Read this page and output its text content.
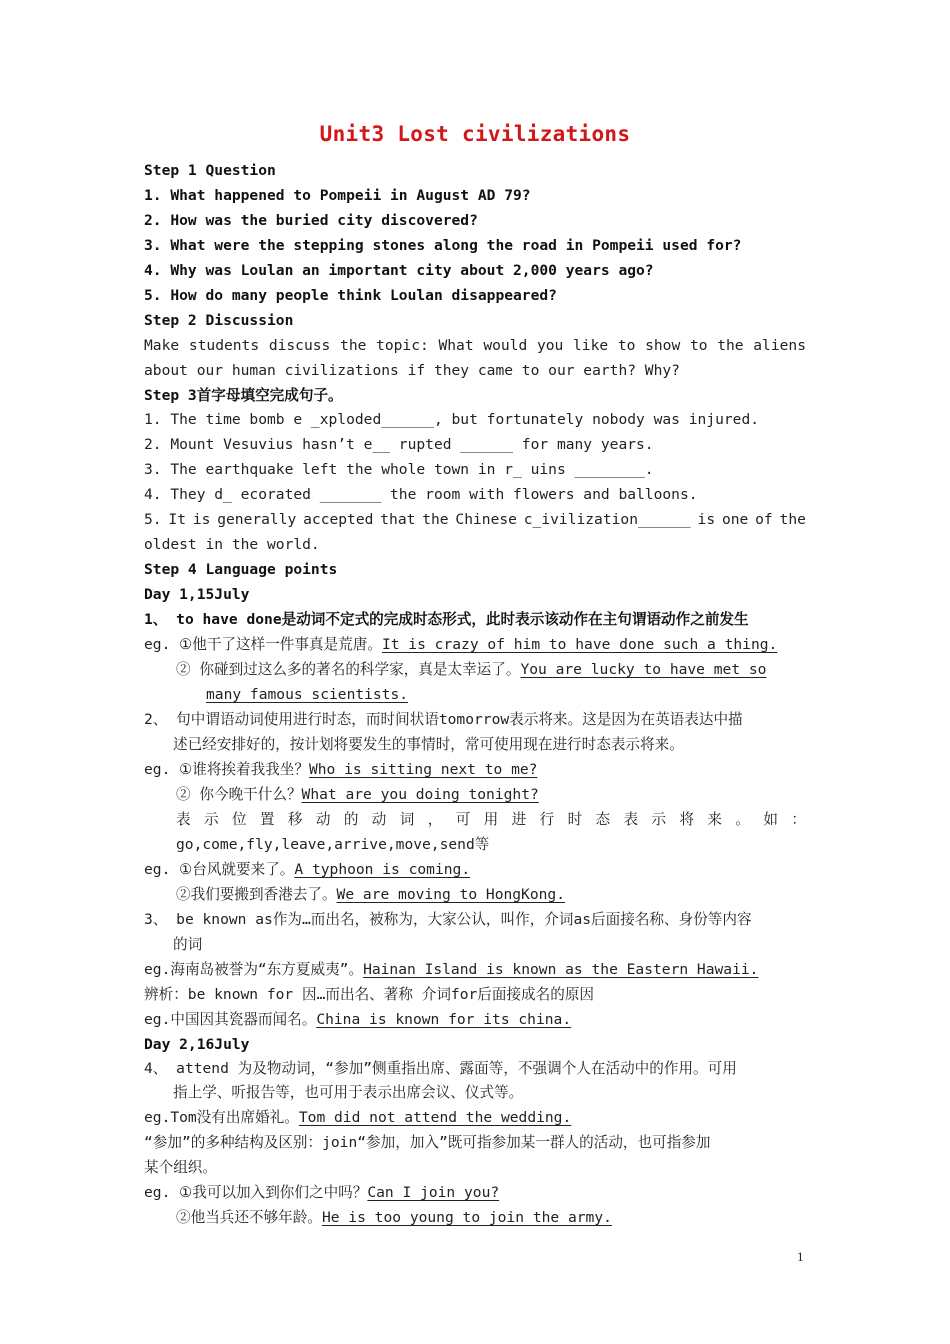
Unit3 Lost civilizations
Step 1 Question
1. What happened to Pompeii in August AD 79?
2. How was the buried city discovered?
3. What were the stepping stones along the road in Pompeii used for?
4. Why was Loulan an important city about 2,000 years ago?
5. How do many people think Loulan disappeared?
Step 2 Discussion
Make students discuss the topic: What would you like to show to the aliens
about our human civilizations if they came to our earth? Why?
Step 3首字母填空完成句子。
1. The time bomb e _xploded______, but fortunately nobody was injured.
2. Mount Vesuvius hasn’t e__ rupted ______ for many years.
3. The earthquake left the whole town in r_ uins ________.
4. They d_ ecorated _______ the room with flowers and balloons.
5. It is generally accepted that the Chinese c_ivilization______ is one of the
oldest in the world.
Step 4 Language points
Day 1,15July
1、 to have done是动词不定式的完成时态形式，此时表示该动作在主句谓语动作之前发生
eg. ①他干了这样一件事真是荒唐。It is crazy of him to have done such a thing.
② 你碰到过这么多的著名的科学家，真是太幸运了。You are lucky to have met so
many famous scientists.
2、 句中谓语动词使用进行时态，而时间状语tomorrow表示将来。这是因为在英语表达中描
述已经安排好的，按计划将要发生的事情时，常可使用现在进行时态表示将来。
eg. ①谁将挨着我我坐？Who is sitting next to me?
② 你今晚干什么？What are you doing tonight?
表 示 位 置 移 动 的 动 词 ， 可 用 进 行 时 态 表 示 将 来 。 如 ：
go,come,fly,leave,arrive,move,send等
eg. ①台风就要来了。A typhoon is coming.
②我们要搬到香港去了。We are moving to HongKong.
3、 be known as作为…而出名，被称为，大家公认，叫作，介词as后面接名称、身份等内容
的词
eg.海南岛被誉为“东方夏威夷”。Hainan Island is known as the Eastern Hawaii.
辨析：be known for 因…而出名、著称 介词for后面接成名的原因
eg.中国因其瓷器而闻名。China is known for its china.
Day 2,16July
4、 attend 为及物动词，“参加”侧重指出席、露面等，不强调个人在活动中的作用。可用
指上学、听报告等，也可用于表示出席会议、仪式等。
eg.Tom没有出席婚礼。Tom did not attend the wedding.
“参加”的多种结构及区别：join“参加，加入”既可指参加某一群人的活动，也可指参加
某个组织。
eg. ①我可以加入到你们之中吗？Can I join you?
②他当兵还不够年龄。He is too young to join the army.
1
